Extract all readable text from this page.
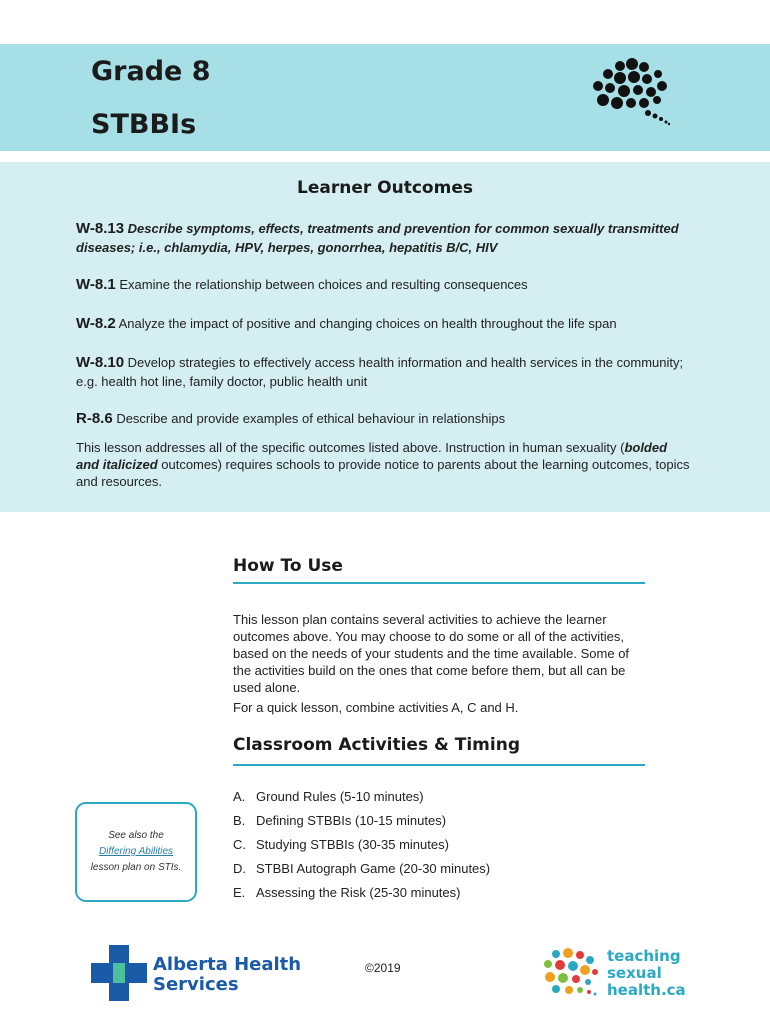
Grade 8
STBBIs
Learner Outcomes
W-8.13 Describe symptoms, effects, treatments and prevention for common sexually transmitted diseases; i.e., chlamydia, HPV, herpes, gonorrhea, hepatitis B/C, HIV
W-8.1 Examine the relationship between choices and resulting consequences
W-8.2 Analyze the impact of positive and changing choices on health throughout the life span
W-8.10 Develop strategies to effectively access health information and health services in the community; e.g. health hot line, family doctor, public health unit
R-8.6 Describe and provide examples of ethical behaviour in relationships
This lesson addresses all of the specific outcomes listed above. Instruction in human sexuality (bolded and italicized outcomes) requires schools to provide notice to parents about the learning outcomes, topics and resources.
How To Use
This lesson plan contains several activities to achieve the learner outcomes above. You may choose to do some or all of the activities, based on the needs of your students and the time available. Some of the activities build on the ones that come before them, but all can be used alone.
For a quick lesson, combine activities A, C and H.
Classroom Activities & Timing
A. Ground Rules (5-10 minutes)
B. Defining STBBIs (10-15 minutes)
C. Studying STBBIs (30-35 minutes)
D. STBBI Autograph Game (20-30 minutes)
E. Assessing the Risk (25-30 minutes)
See also the
Differing Abilities
lesson plan on STIs.
Alberta Health
Services
©2019
teaching
sexual
health.ca
